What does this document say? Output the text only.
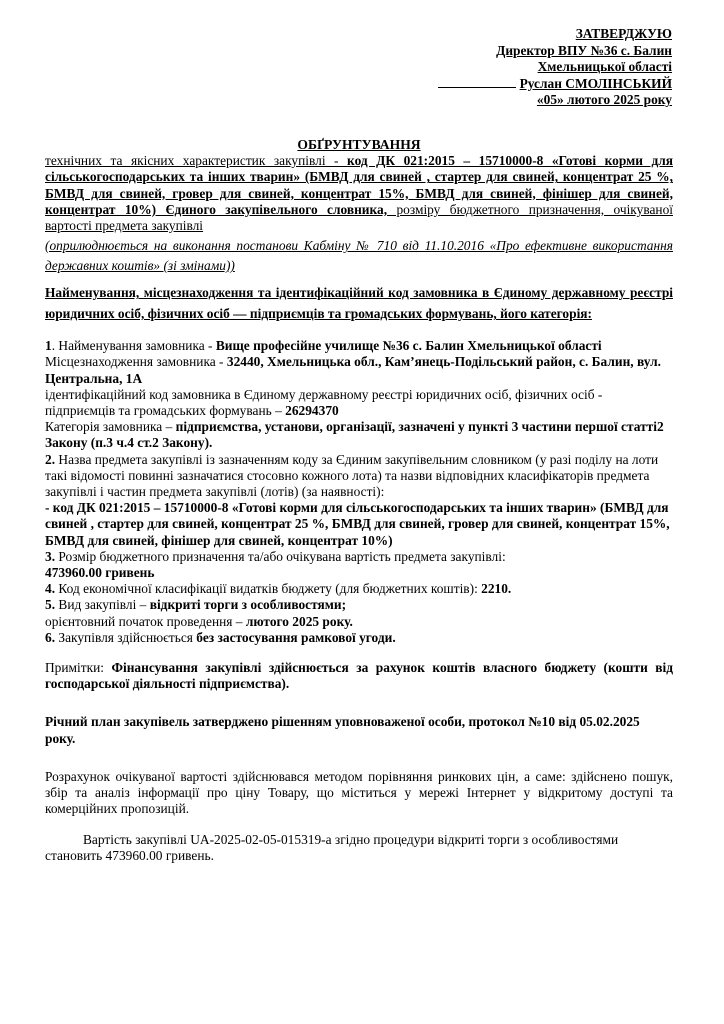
ЗАТВЕРДЖУЮ
Директор ВПУ №36 с. Балин
Хмельницької області
Руслан СМОЛІНСЬКИЙ
«05» лютого 2025 року

ОБҐРУНТУВАННЯ

технічних та якісних характеристик закупівлі - код ДК 021:2015 – 15710000-8 «Готові корми для сільськогосподарських та інших тварин» (БМВД для свиней , стартер для свиней, концентрат 25 %, БМВД для свиней, гровер для свиней, концентрат 15%, БМВД для свиней, фінішер для свиней, концентрат 10%) Єдиного закупівельного словника, розміру бюджетного призначення, очікуваної вартості предмета закупівлі

(оприлюднюється на виконання постанови Кабміну № 710 від 11.10.2016 «Про ефективне використання державних коштів» (зі змінами))

Найменування, місцезнаходження та ідентифікаційний код замовника в Єдиному державному реєстрі юридичних осіб, фізичних осіб — підприємців та громадських формувань, його категорія:

1. Найменування замовника - Вище професійне училище №36 с. Балин Хмельницької області

Місцезнаходження замовника - 32440, Хмельницька обл., Кам’янець-Подільський район, с. Балин, вул. Центральна, 1А

ідентифікаційний код замовника в Єдиному державному реєстрі юридичних осіб, фізичних осіб - підприємців та громадських формувань – 26294370

Категорія замовника – підприємства, установи, організації, зазначені у пункті 3 частини першої статті2 Закону (п.3 ч.4 ст.2 Закону).

2. Назва предмета закупівлі із зазначенням коду за Єдиним закупівельним словником (у разі поділу на лоти такі відомості повинні зазначатися стосовно кожного лота) та назви відповідних класифікаторів предмета закупівлі і частин предмета закупівлі (лотів) (за наявності):

- код ДК 021:2015 – 15710000-8 «Готові корми для сільськогосподарських та інших тварин» (БМВД для свиней , стартер для свиней, концентрат 25 %, БМВД для свиней, гровер для свиней, концентрат 15%, БМВД для свиней, фінішер для свиней, концентрат 10%)

3. Розмір бюджетного призначення та/або очікувана вартість предмета закупівлі:

473960.00 гривень

4. Код економічної класифікації видатків бюджету (для бюджетних коштів): 2210.

5. Вид закупівлі – відкриті торги з особливостями;

орієнтовний початок проведення – лютого 2025 року.

6. Закупівля здійснюється без застосування рамкової угоди.

Примітки: Фінансування закупівлі здійснюється за рахунок коштів власного бюджету (кошти від господарської діяльності підприємства).

Річний план закупівель затверджено рішенням уповноваженої особи, протокол №10 від 05.02.2025 року.

Розрахунок очікуваної вартості здійснювався методом порівняння ринкових цін, а саме: здійснено пошук, збір та аналіз інформації про ціну Товару, що міститься у мережі Інтернет у відкритому доступі та комерційних пропозицій.

Вартість закупівлі UA-2025-02-05-015319-а згідно процедури відкриті торги з особливостями становить 473960.00 гривень.
